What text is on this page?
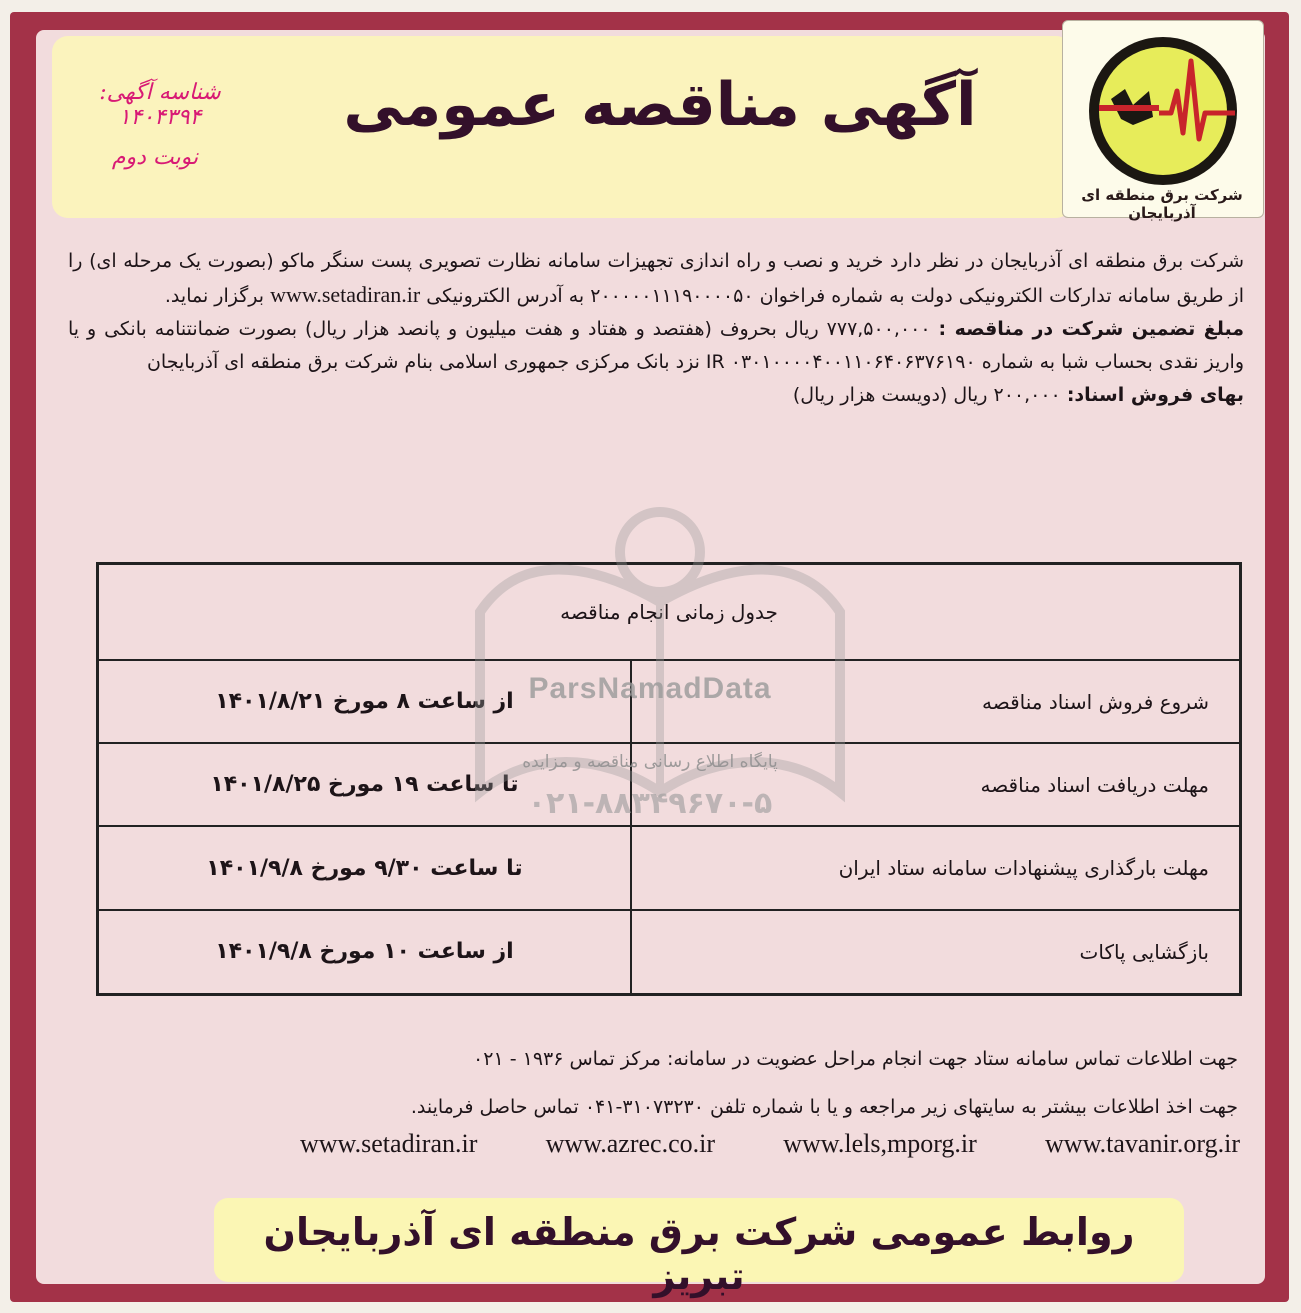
شرکت برق منطقه ای آذربایجان
آگهی مناقصه عمومی
شناسه آگهی: ۱۴۰۴۳۹۴
نوبت دوم

شرکت برق منطقه ای آذربایجان در نظر دارد خرید و نصب و راه اندازی تجهیزات سامانه نظارت تصویری پست سنگر ماکو (بصورت یک مرحله ای) را از طریق سامانه تدارکات الکترونیکی دولت به شماره فراخوان ۲۰۰۰۰۰۱۱۱۹۰۰۰۰۵۰ به آدرس الکترونیکی www.setadiran.ir برگزار نماید.

مبلغ تضمین شرکت در مناقصه : ۷۷۷,۵۰۰,۰۰۰ ریال بحروف (هفتصد و هفتاد و هفت میلیون و پانصد هزار ریال) بصورت ضمانتنامه بانکی و یا واریز نقدی بحساب شبا به شماره IR ۰۳۰۱۰۰۰۰۴۰۰۱۱۰۶۴۰۶۳۷۶۱۹۰ نزد بانک مرکزی جمهوری اسلامی بنام شرکت برق منطقه ای آذربایجان

بهای فروش اسناد: ۲۰۰,۰۰۰ ریال (دویست هزار ریال)

جدول زمانی انجام مناقصه	
شروع فروش اسناد مناقصه	از ساعت ۸ مورخ ۱۴۰۱/۸/۲۱
مهلت دریافت اسناد مناقصه	تا ساعت ۱۹ مورخ ۱۴۰۱/۸/۲۵
مهلت بارگذاری پیشنهادات سامانه ستاد ایران	تا ساعت ۹/۳۰ مورخ ۱۴۰۱/۹/۸
بازگشایی پاکات	از ساعت ۱۰ مورخ ۱۴۰۱/۹/۸
ParsNamadData
پایگاه اطلاع رسانی مناقصه و مزایده
۰۲۱-۸۸۳۴۹۶۷۰-۵

جهت اطلاعات تماس سامانه ستاد جهت انجام مراحل عضویت در سامانه: مرکز تماس ۱۹۳۶ - ۰۲۱

جهت اخذ اطلاعات بیشتر به سایتهای زیر مراجعه و یا با شماره تلفن ۳۱۰۷۳۲۳۰-۰۴۱ تماس حاصل فرمایند.

www.setadiran.ir	www.azrec.co.ir	www.lels,mporg.ir	www.tavanir.org.ir
روابط عمومی شرکت برق منطقه ای آذربایجان تبریز
